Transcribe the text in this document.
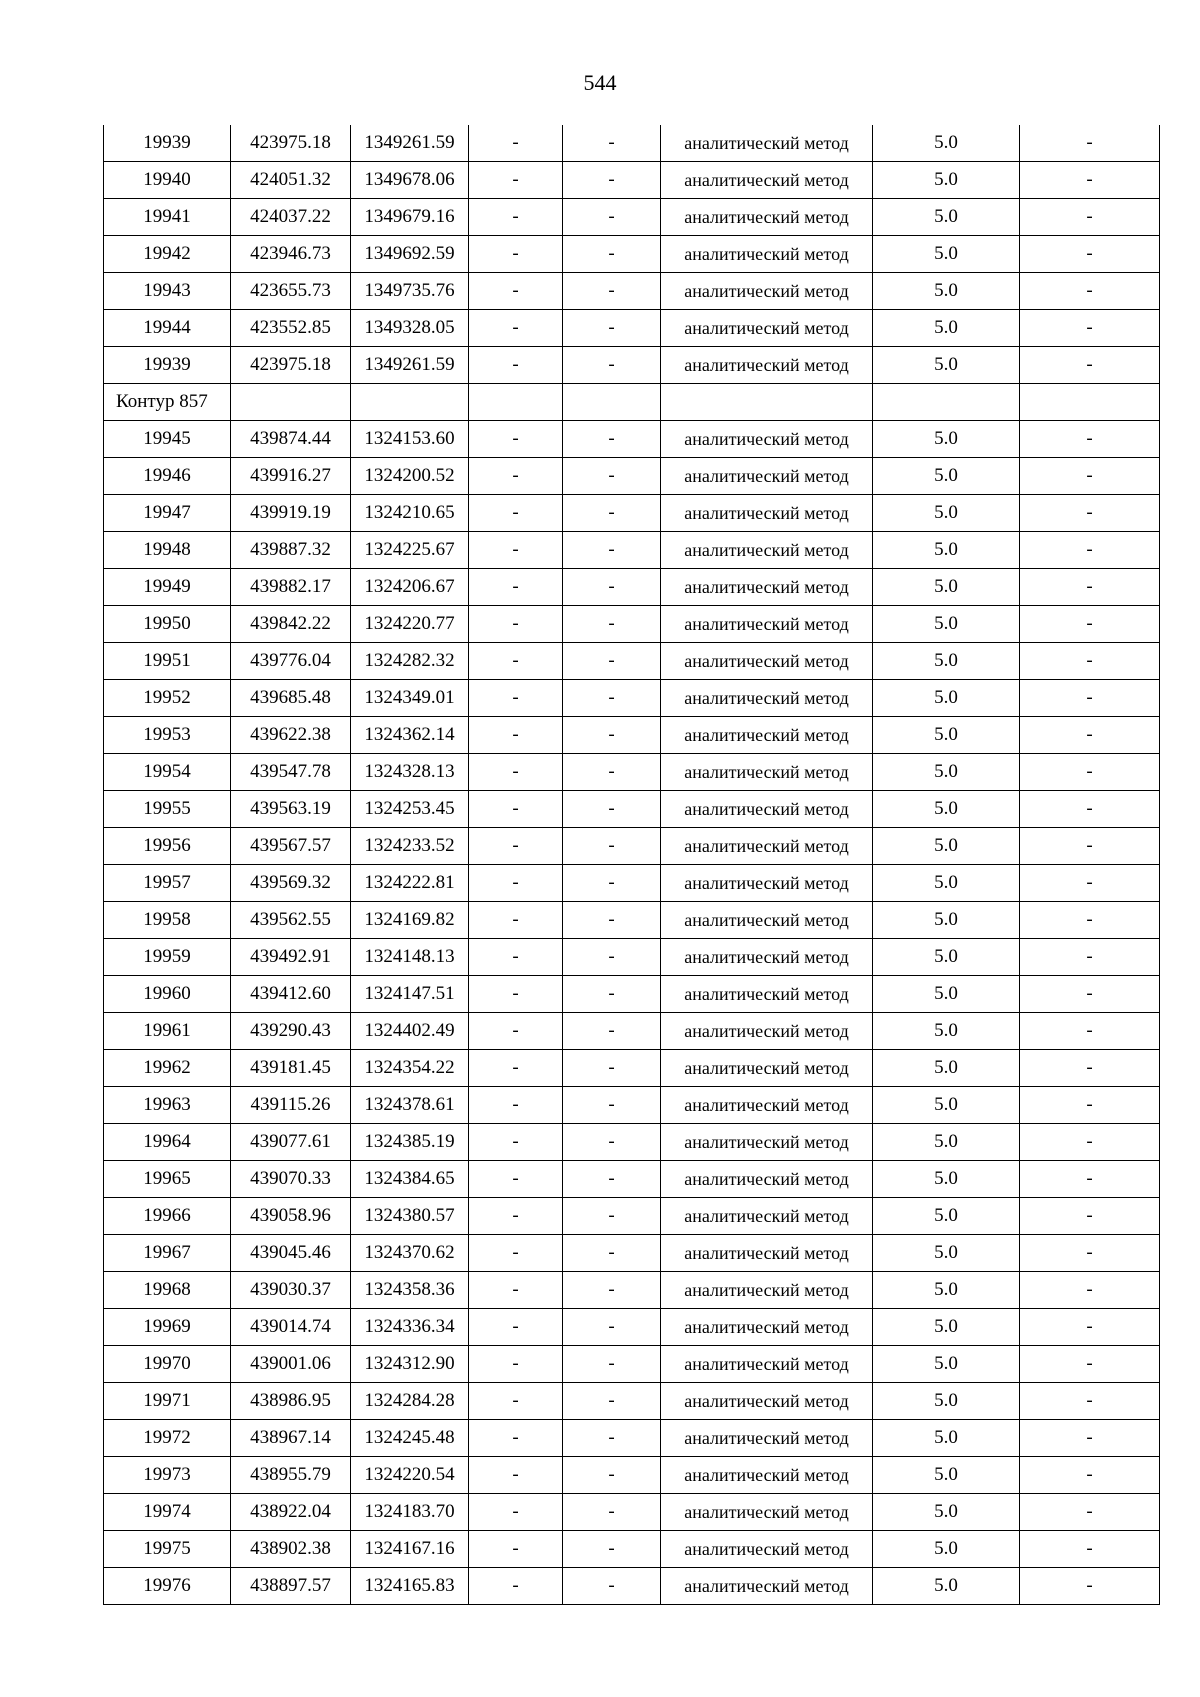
544
19939	423975.18	1349261.59	-	-	аналитический метод	5.0	-
19940	424051.32	1349678.06	-	-	аналитический метод	5.0	-
19941	424037.22	1349679.16	-	-	аналитический метод	5.0	-
19942	423946.73	1349692.59	-	-	аналитический метод	5.0	-
19943	423655.73	1349735.76	-	-	аналитический метод	5.0	-
19944	423552.85	1349328.05	-	-	аналитический метод	5.0	-
19939	423975.18	1349261.59	-	-	аналитический метод	5.0	-
Контур 857							
19945	439874.44	1324153.60	-	-	аналитический метод	5.0	-
19946	439916.27	1324200.52	-	-	аналитический метод	5.0	-
19947	439919.19	1324210.65	-	-	аналитический метод	5.0	-
19948	439887.32	1324225.67	-	-	аналитический метод	5.0	-
19949	439882.17	1324206.67	-	-	аналитический метод	5.0	-
19950	439842.22	1324220.77	-	-	аналитический метод	5.0	-
19951	439776.04	1324282.32	-	-	аналитический метод	5.0	-
19952	439685.48	1324349.01	-	-	аналитический метод	5.0	-
19953	439622.38	1324362.14	-	-	аналитический метод	5.0	-
19954	439547.78	1324328.13	-	-	аналитический метод	5.0	-
19955	439563.19	1324253.45	-	-	аналитический метод	5.0	-
19956	439567.57	1324233.52	-	-	аналитический метод	5.0	-
19957	439569.32	1324222.81	-	-	аналитический метод	5.0	-
19958	439562.55	1324169.82	-	-	аналитический метод	5.0	-
19959	439492.91	1324148.13	-	-	аналитический метод	5.0	-
19960	439412.60	1324147.51	-	-	аналитический метод	5.0	-
19961	439290.43	1324402.49	-	-	аналитический метод	5.0	-
19962	439181.45	1324354.22	-	-	аналитический метод	5.0	-
19963	439115.26	1324378.61	-	-	аналитический метод	5.0	-
19964	439077.61	1324385.19	-	-	аналитический метод	5.0	-
19965	439070.33	1324384.65	-	-	аналитический метод	5.0	-
19966	439058.96	1324380.57	-	-	аналитический метод	5.0	-
19967	439045.46	1324370.62	-	-	аналитический метод	5.0	-
19968	439030.37	1324358.36	-	-	аналитический метод	5.0	-
19969	439014.74	1324336.34	-	-	аналитический метод	5.0	-
19970	439001.06	1324312.90	-	-	аналитический метод	5.0	-
19971	438986.95	1324284.28	-	-	аналитический метод	5.0	-
19972	438967.14	1324245.48	-	-	аналитический метод	5.0	-
19973	438955.79	1324220.54	-	-	аналитический метод	5.0	-
19974	438922.04	1324183.70	-	-	аналитический метод	5.0	-
19975	438902.38	1324167.16	-	-	аналитический метод	5.0	-
19976	438897.57	1324165.83	-	-	аналитический метод	5.0	-
